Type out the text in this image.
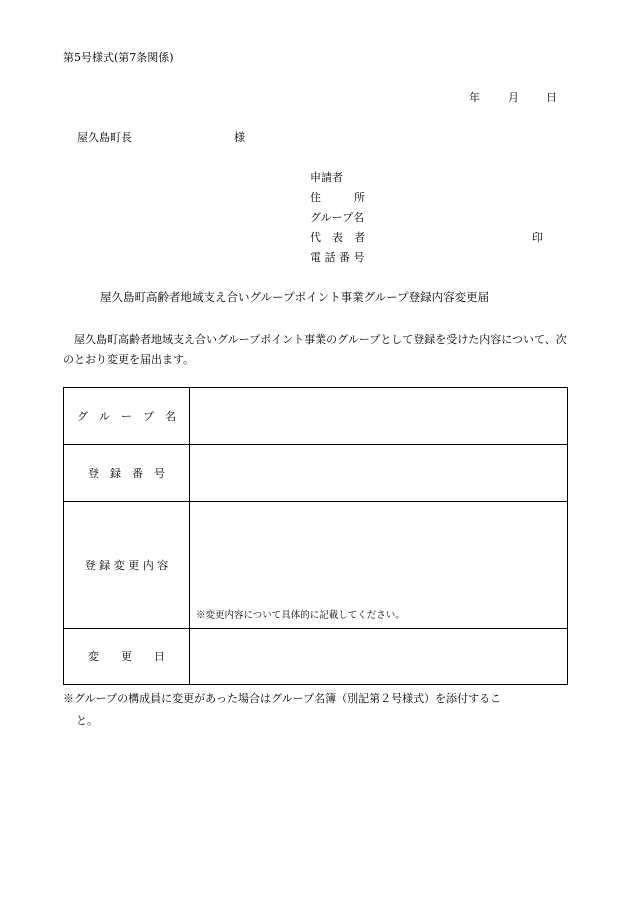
第5号様式(第7条関係)
年	月 日
屋久島町長	様
申請者
住　　　所
グループ名
代　表　者	印
電 話 番 号
屋久島町高齢者地域支え合いグループポイント事業グループ登録内容変更届
屋久島町高齢者地域支え合いグループポイント事業のグループとして登録を受けた内容について、次のとおり変更を届出ます。
グ　ル　ー　プ　名	
登　録　番　号	
登 録 変 更 内 容	※変更内容について具体的に記載してください。

変　　更　　日	
※グループの構成員に変更があった場合はグループ名簿（別記第２号様式）を添付するこ
と。
